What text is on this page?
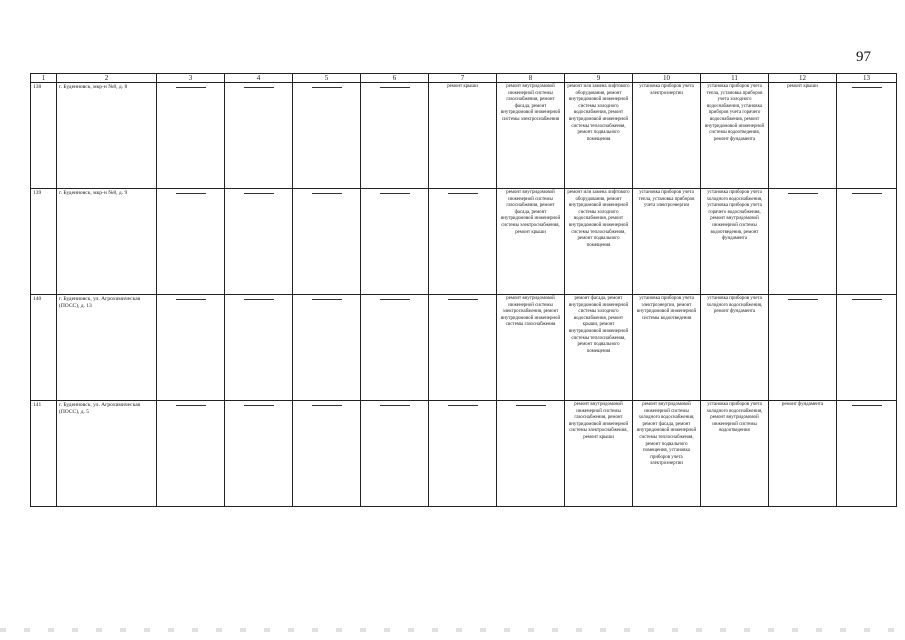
97
1	2	3	4	5	6	7	8	9	10	11	12	13
138	г. Буденновск, мкр-н №8, д. 8					ремонт крыши	ремонт внутридомовой инженерной системы газоснабжения, ремонт фасада, ремонт внутридомовой инженерной системы электроснабжения	ремонт или замена лифтового оборудования, ремонт внутридомовой инженерной системы холодного водоснабжения, ремонт внутридомовой инженерной системы теплоснабжения, ремонт подвального помещения	установка приборов учета электроэнергии	установка приборов учета тепла, установка приборов учета холодного водоснабжения, установка приборов учета горячего водоснабжения, ремонт внутридомовой инженерной системы водоотведения, ремонт фундамента	ремонт крыши	

139	г. Буденновск, мкр-н №8, д. 9						ремонт внутридомовой инженерной системы газоснабжения, ремонт фасада, ремонт внутридомовой инженерной системы электроснабжения, ремонт крыши	ремонт или замена лифтового оборудования, ремонт внутридомовой инженерной системы холодного водоснабжения, ремонт внутридомовой инженерной системы теплоснабжения, ремонт подвального помещения	установка приборов учета тепла, установка приборов учета электроэнергии	установка приборов учета холодного водоснабжения, установка приборов учета горячего водоснабжения, ремонт внутридомовой инженерной системы водоотведения, ремонт фундамента	

140	г. Буденновск, ул. Агрохимическая (ПОСС), д. 13						ремонт внутридомовой инженерной системы электроснабжения, ремонт внутридомовой инженерной системы газоснабжения	ремонт фасада, ремонт внутридомовой инженерной системы холодного водоснабжения, ремонт крыши, ремонт внутридомовой инженерной системы теплоснабжения, ремонт подвального помещения	установка приборов учета электроэнергии, ремонт внутридомовой инженерной системы водоотведения	установка приборов учета холодного водоснабжения, ремонт фундамента	

141	г. Буденновск, ул. Агрохимическая (ПОСС), д. 5							ремонт внутридомовой инженерной системы газоснабжения, ремонт внутридомовой инженерной системы электроснабжения, ремонт крыши	ремонт внутридомовой инженерной системы холодного водоснабжения, ремонт фасада, ремонт внутридомовой инженерной системы теплоснабжения, ремонт подвального помещения, установка приборов учета электроэнергии	установка приборов учета холодного водоснабжения, ремонт внутридомовой инженерной системы водоотведения	ремонт фундамента	
